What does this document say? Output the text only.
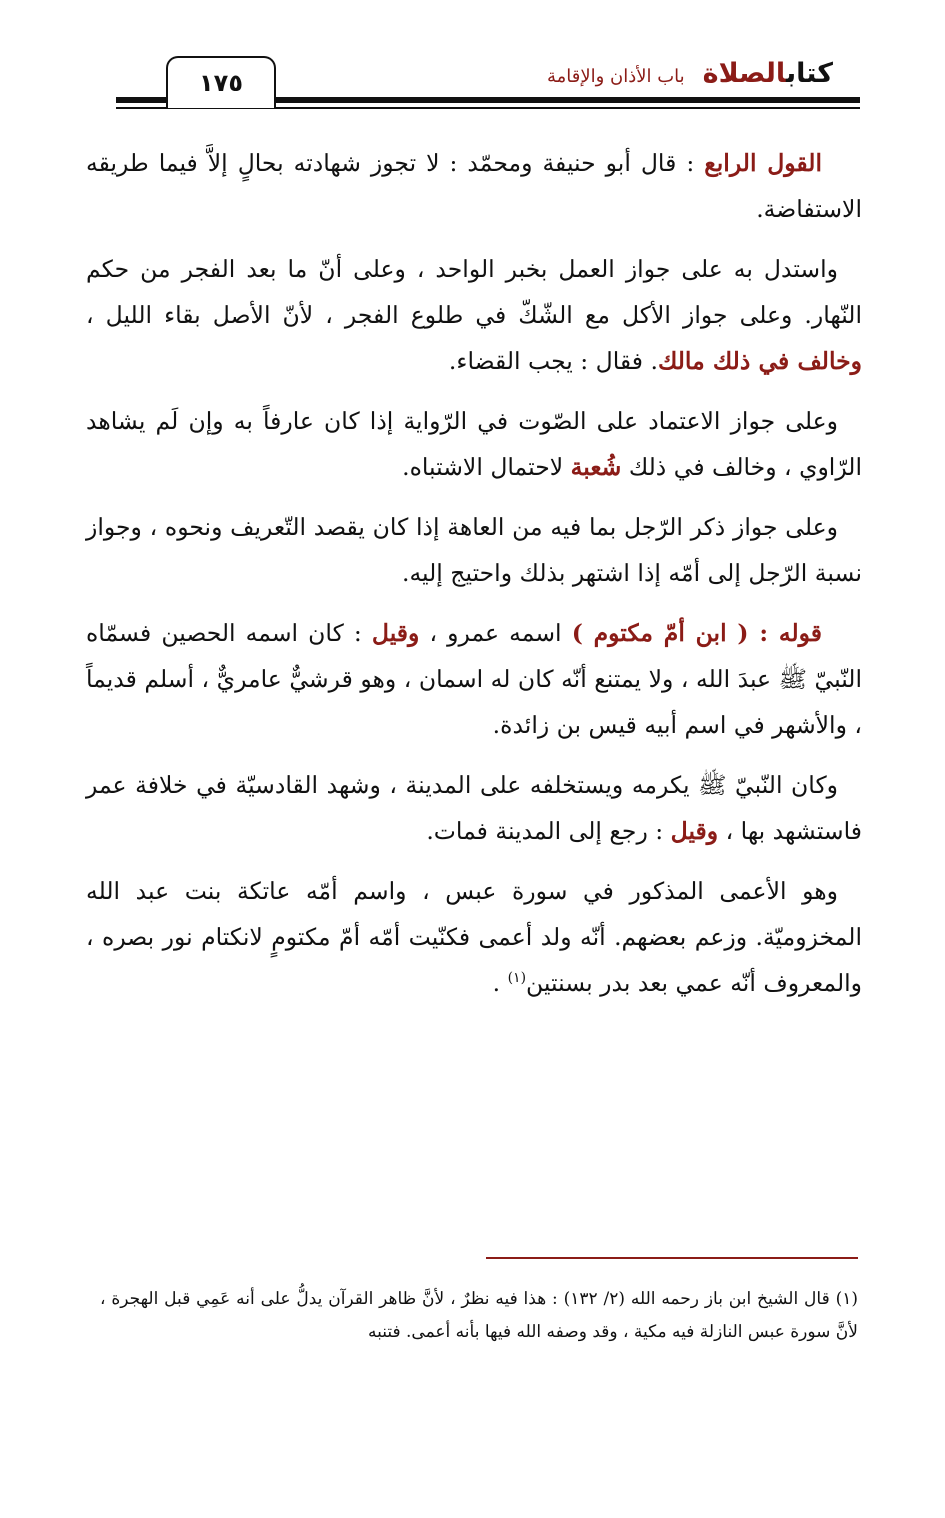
كتابالصلاة
باب الأذان والإقامة
١٧٥

القول الرابع : قال أبو حنيفة ومحمّد : لا تجوز شهادته بحالٍ إلاَّ فيما طريقه الاستفاضة.

واستدل به على جواز العمل بخبر الواحد ، وعلى أنّ ما بعد الفجر من حكم النّهار. وعلى جواز الأكل مع الشّكّ في طلوع الفجر ، لأنّ الأصل بقاء الليل ، وخالف في ذلك مالك. فقال : يجب القضاء.

وعلى جواز الاعتماد على الصّوت في الرّواية إذا كان عارفاً به وإن لَم يشاهد الرّاوي ، وخالف في ذلك شُعبة لاحتمال الاشتباه.

وعلى جواز ذكر الرّجل بما فيه من العاهة إذا كان يقصد التّعريف ونحوه ، وجواز نسبة الرّجل إلى أمّه إذا اشتهر بذلك واحتيج إليه.

قوله : ( ابن أمّ مكتوم ) اسمه عمرو ، وقيل : كان اسمه الحصين فسمّاه النّبيّ ﷺ عبدَ الله ، ولا يمتنع أنّه كان له اسمان ، وهو قرشيٌّ عامريٌّ ، أسلم قديماً ، والأشهر في اسم أبيه قيس بن زائدة.

وكان النّبيّ ﷺ يكرمه ويستخلفه على المدينة ، وشهد القادسيّة في خلافة عمر فاستشهد بها ، وقيل : رجع إلى المدينة فمات.

وهو الأعمى المذكور في سورة عبس ، واسم أمّه عاتكة بنت عبد الله المخزوميّة. وزعم بعضهم. أنّه ولد أعمى فكنّيت أمّه أمّ مكتومٍ لانكتام نور بصره ، والمعروف أنّه عمي بعد بدر بسنتين$^{(١)}$ .

(١) قال الشيخ ابن باز رحمه الله (٢/ ١٣٢) : هذا فيه نظرٌ ، لأنَّ ظاهر القرآن يدلُّ على أنه عَمِي قبل الهجرة ، لأنَّ سورة عبس النازلة فيه مكية ، وقد وصفه الله فيها بأنه أعمى. فتنبه
